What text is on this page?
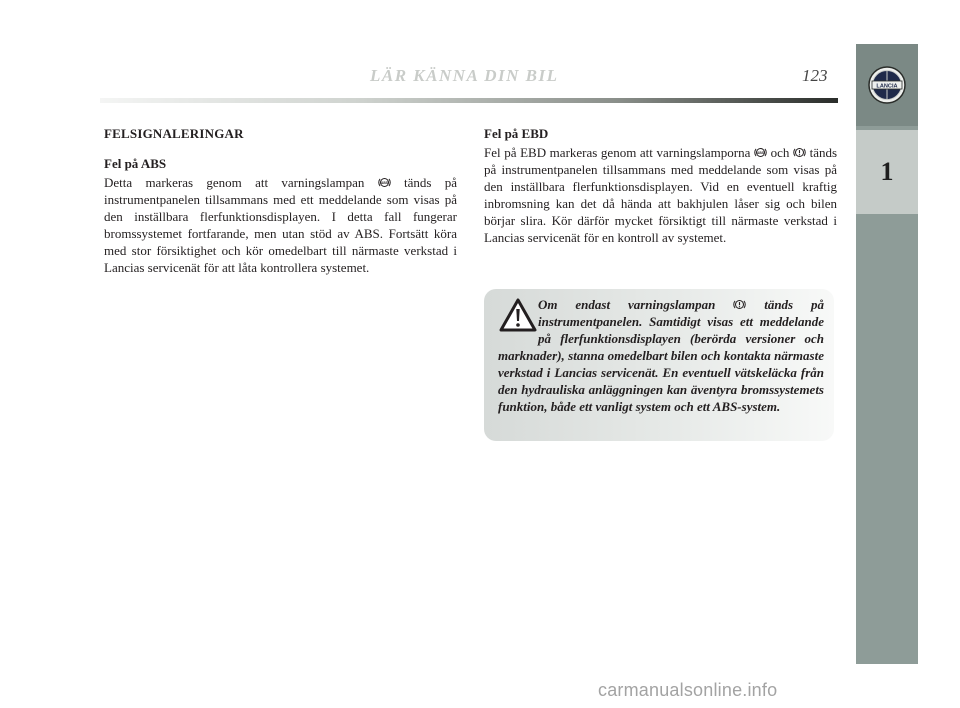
LÄR KÄNNA DIN BIL	123
LANCIA
1

FELSIGNALERINGAR

Fel på ABS

Detta markeras genom att varningslampan	ABS tänds på instrumentpanelen tillsammans med ett meddelande som visas på den inställbara flerfunktionsdisplayen. I detta fall fungerar bromssystemet fortfarande, men utan stöd av ABS. Fortsätt köra med stor försiktighet och kör omedelbart till närmaste verkstad i Lancias servicenät för att låta kontrollera systemet.

Fel på EBD

Fel på EBD markeras genom att varningslamporna ABS och tänds på instrumentpanelen tillsammans med meddelande som visas på den inställbara flerfunktionsdisplayen. Vid en eventuell kraftig inbromsning kan det då hända att bakhjulen låser sig och bilen börjar slira. Kör därför mycket försiktigt till närmaste verkstad i Lancias servicenät för en kontroll av systemet.

Om endast varningslampan	tänds på instrumentpanelen. Samtidigt visas ett meddelande på flerfunktionsdisplayen (berörda versioner och marknader), stanna omedelbart bilen och kontakta närmaste verkstad i Lancias servicenät. En eventuell vätskeläcka från den hydrauliska anläggningen kan äventyra bromssystemets funktion, både ett vanligt system och ett ABS-system.
carmanualsonline.info
